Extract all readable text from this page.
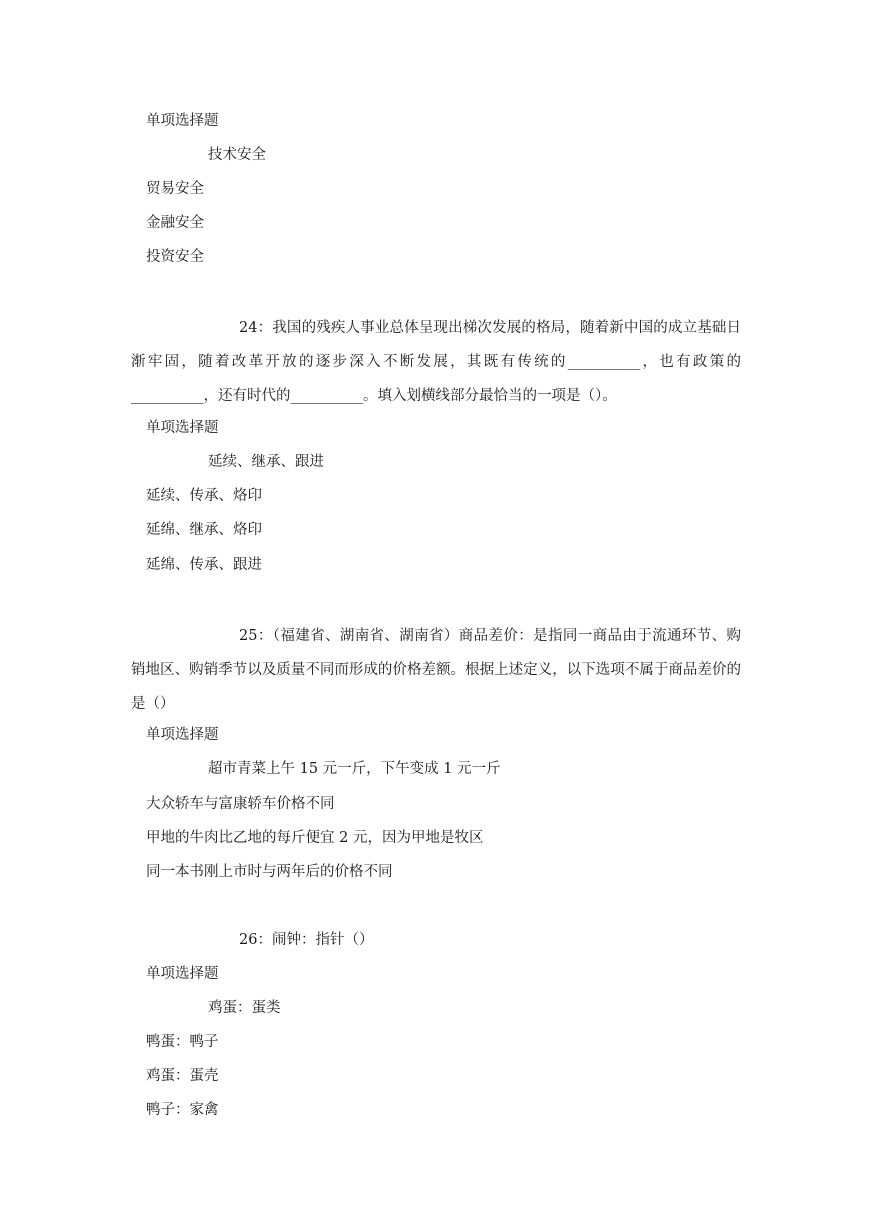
单项选择题
技术安全
贸易安全
金融安全
投资安全
24：我国的残疾人事业总体呈现出梯次发展的格局，随着新中国的成立基础日渐牢固，随着改革开放的逐步深入不断发展，其既有传统的__________，也有政策的__________，还有时代的__________。填入划横线部分最恰当的一项是（）。
单项选择题
延续、继承、跟进
延续、传承、烙印
延绵、继承、烙印
延绵、传承、跟进
25：（福建省、湖南省、湖南省）商品差价：是指同一商品由于流通环节、购销地区、购销季节以及质量不同而形成的价格差额。根据上述定义，以下选项不属于商品差价的是（）
单项选择题
超市青菜上午 15 元一斤，下午变成 1 元一斤
大众轿车与富康轿车价格不同
甲地的牛肉比乙地的每斤便宜 2 元，因为甲地是牧区
同一本书刚上市时与两年后的价格不同
26：闹钟：指针（）
单项选择题
鸡蛋：蛋类
鸭蛋：鸭子
鸡蛋：蛋壳
鸭子：家禽
